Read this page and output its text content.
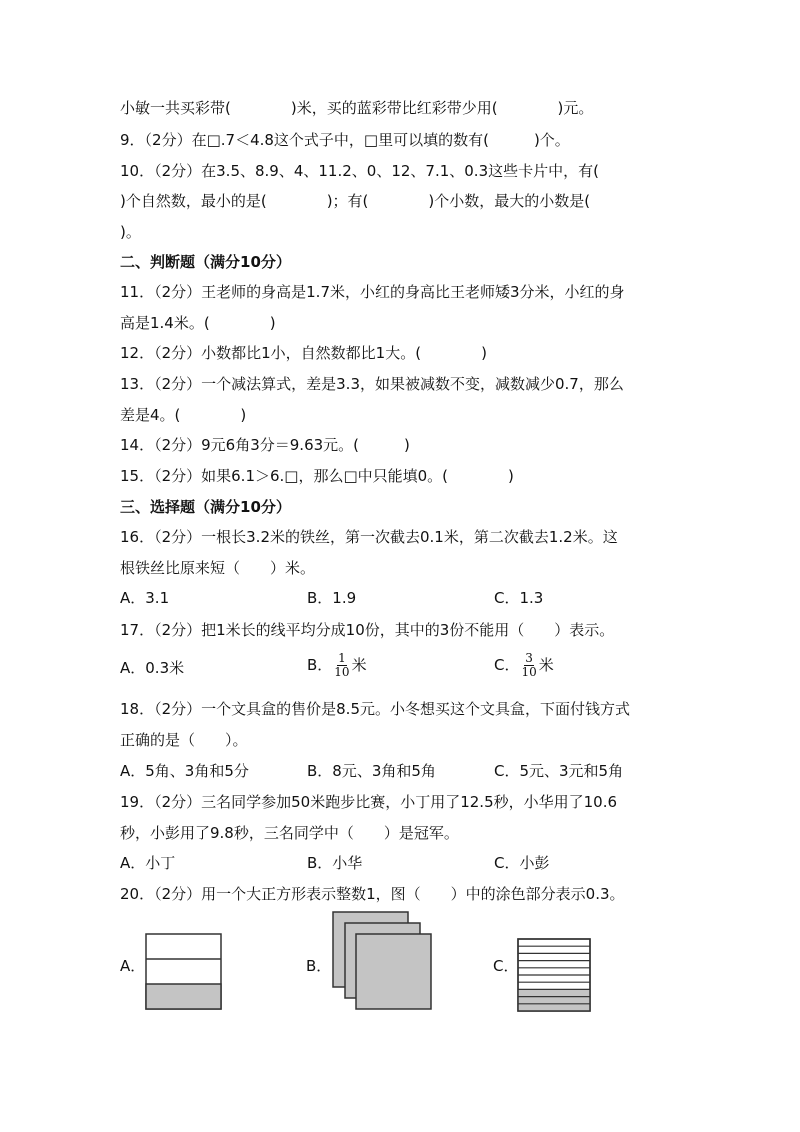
小敏一共买彩带(　　　　)米，买的蓝彩带比红彩带少用(　　　　)元。
9．（2分）在□.7＜4.8这个式子中，□里可以填的数有(　　　)个。
10．（2分）在3.5、8.9、4、11.2、0、12、7.1、0.3这些卡片中，有(
)个自然数，最小的是(　　　　)；有(　　　　)个小数，最大的小数是(
)。
二、判断题（满分10分）
11．（2分）王老师的身高是1.7米，小红的身高比王老师矮3分米，小红的身
高是1.4米。(　　　　)
12．（2分）小数都比1小，自然数都比1大。(　　　　)
13．（2分）一个减法算式，差是3.3，如果被减数不变，减数减少0.7，那么
差是4。(　　　　)
14．（2分）9元6角3分＝9.63元。(　　　)
15．（2分）如果6.1＞6.□，那么□中只能填0。(　　　　)
三、选择题（满分10分）
16．（2分）一根长3.2米的铁丝，第一次截去0.1米，第二次截去1.2米。这
根铁丝比原来短（　　）米。
A．3.1	B．1.9	C．1.3
17．（2分）把1米长的线平均分成10份，其中的3份不能用（　　）表示。
A．0.3米	B． $\frac{1}{10}$ 米	C． $\frac{3}{10}$ 米
18．（2分）一个文具盒的售价是8.5元。小冬想买这个文具盒，下面付钱方式
正确的是（　　）。
A．5角、3角和5分	B．8元、3角和5角	C．5元、3元和5角
19．（2分）三名同学参加50米跑步比赛，小丁用了12.5秒，小华用了10.6
秒，小彭用了9.8秒，三名同学中（　　）是冠军。
A．小丁	B．小华	C．小彭
20．（2分）用一个大正方形表示整数1，图（　　）中的涂色部分表示0.3。
A．	B．	C．
